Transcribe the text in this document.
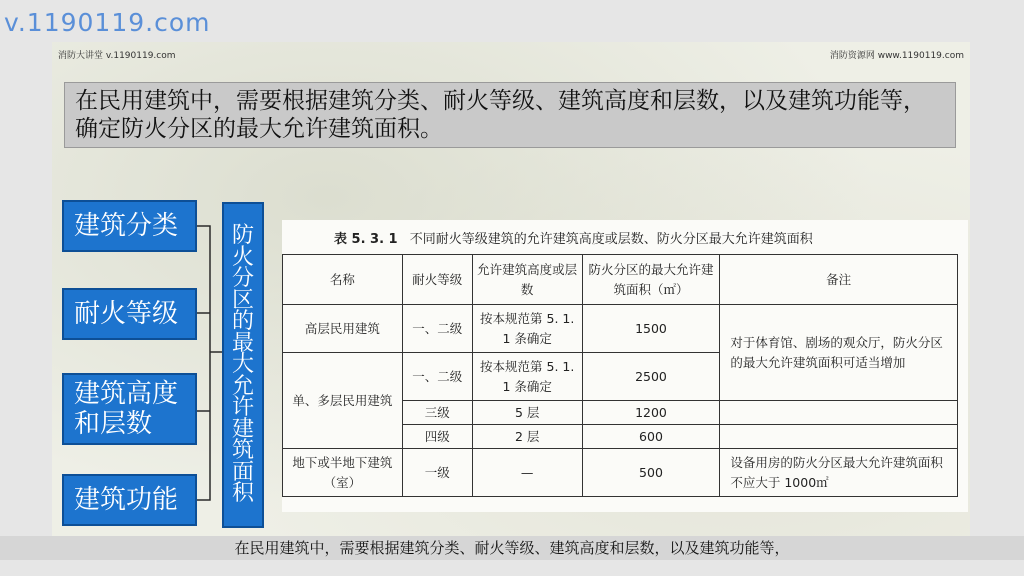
v.1190119.com
消防大讲堂 v.1190119.com	消防资源网 www.1190119.com
在民用建筑中，需要根据建筑分类、耐火等级、建筑高度和层数，以及建筑功能等，确定防火分区的最大允许建筑面积。
建筑分类
耐火等级
建筑高度和层数
建筑功能
防
火
分
区
的
最
大
允
许
建
筑
面
积
表 5. 3. 1 不同耐火等级建筑的允许建筑高度或层数、防火分区最大允许建筑面积
名称	耐火等级	允许建筑高度或层数	防火分区的最大允许建筑面积（㎡）	备注
高层民用建筑	一、二级	按本规范第 5. 1. 1 条确定	1500	对于体育馆、剧场的观众厅，防火分区的最大允许建筑面积可适当增加
单、多层民用建筑	一、二级	按本规范第 5. 1. 1 条确定	2500	
	三级	5 层	1200	
	四级	2 层	600	
地下或半地下建筑（室）	一级	—	500	设备用房的防火分区最大允许建筑面积不应大于 1000㎡
在民用建筑中，需要根据建筑分类、耐火等级、建筑高度和层数，以及建筑功能等，
